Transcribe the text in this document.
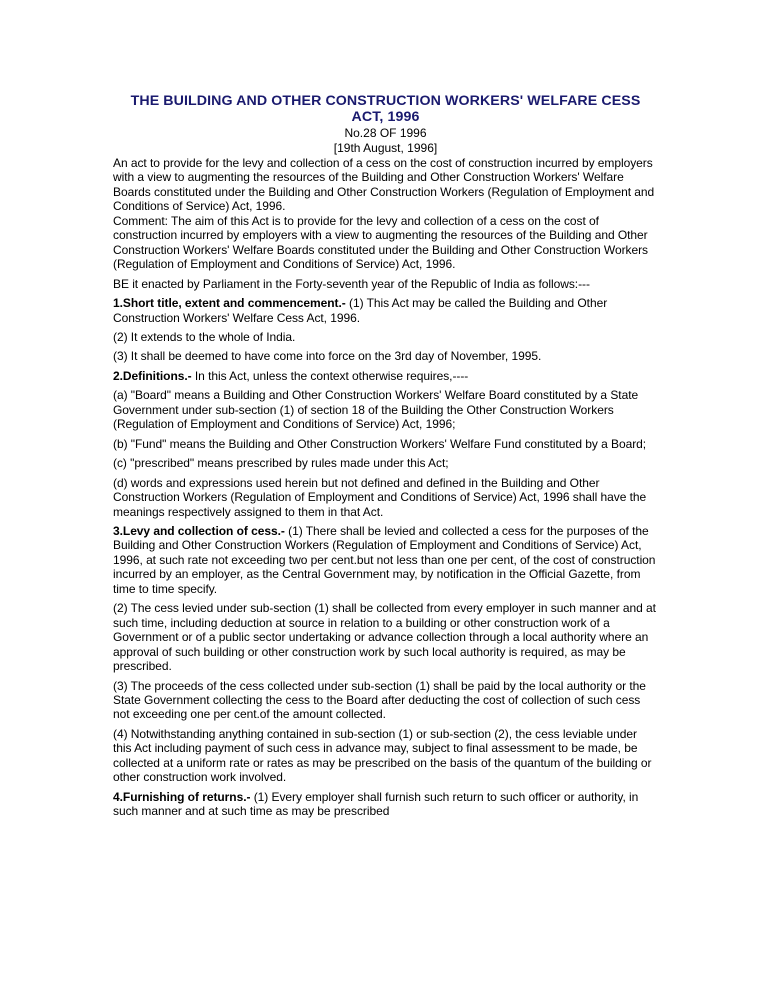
THE BUILDING AND OTHER CONSTRUCTION WORKERS' WELFARE CESS ACT, 1996

No.28 OF 1996

[19th August, 1996]

An act to provide for the levy and collection of a cess on the cost of construction incurred by employers with a view to augmenting the resources of the Building and Other Construction Workers' Welfare Boards constituted under the Building and Other Construction Workers (Regulation of Employment and Conditions of Service) Act, 1996.

Comment: The aim of this Act is to provide for the levy and collection of a cess on the cost of construction incurred by employers with a view to augmenting the resources of the Building and Other Construction Workers' Welfare Boards constituted under the Building and Other Construction Workers (Regulation of Employment and Conditions of Service) Act, 1996.

BE it enacted by Parliament in the Forty-seventh year of the Republic of India as follows:---

1.Short title, extent and commencement.- (1) This Act may be called the Building and Other Construction Workers' Welfare Cess Act, 1996.

(2) It extends to the whole of India.

(3) It shall be deemed to have come into force on the 3rd day of November, 1995.

2.Definitions.- In this Act, unless the context otherwise requires,----

(a) "Board" means a Building and Other Construction Workers' Welfare Board constituted by a State Government under sub-section (1) of section 18 of the Building the Other Construction Workers (Regulation of Employment and Conditions of Service) Act, 1996;

(b) "Fund" means the Building and Other Construction Workers' Welfare Fund constituted by a Board;

(c) "prescribed" means prescribed by rules made under this Act;

(d) words and expressions used herein but not defined and defined in the Building and Other Construction Workers (Regulation of Employment and Conditions of Service) Act, 1996 shall have the meanings respectively assigned to them in that Act.

3.Levy and collection of cess.- (1) There shall be levied and collected a cess for the purposes of the Building and Other Construction Workers (Regulation of Employment and Conditions of Service) Act, 1996, at such rate not exceeding two per cent.but not less than one per cent, of the cost of construction incurred by an employer, as the Central Government may, by notification in the Official Gazette, from time to time specify.

(2) The cess levied under sub-section (1) shall be collected from every employer in such manner and at such time, including deduction at source in relation to a building or other construction work of a Government or of a public sector undertaking or advance collection through a local authority where an approval of such building or other construction work by such local authority is required, as may be prescribed.

(3) The proceeds of the cess collected under sub-section (1) shall be paid by the local authority or the State Government collecting the cess to the Board after deducting the cost of collection of such cess not exceeding one per cent.of the amount collected.

(4) Notwithstanding anything contained in sub-section (1) or sub-section (2), the cess leviable under this Act including payment of such cess in advance may, subject to final assessment to be made, be collected at a uniform rate or rates as may be prescribed on the basis of the quantum of the building or other construction work involved.

4.Furnishing of returns.- (1) Every employer shall furnish such return to such officer or authority, in such manner and at such time as may be prescribed
